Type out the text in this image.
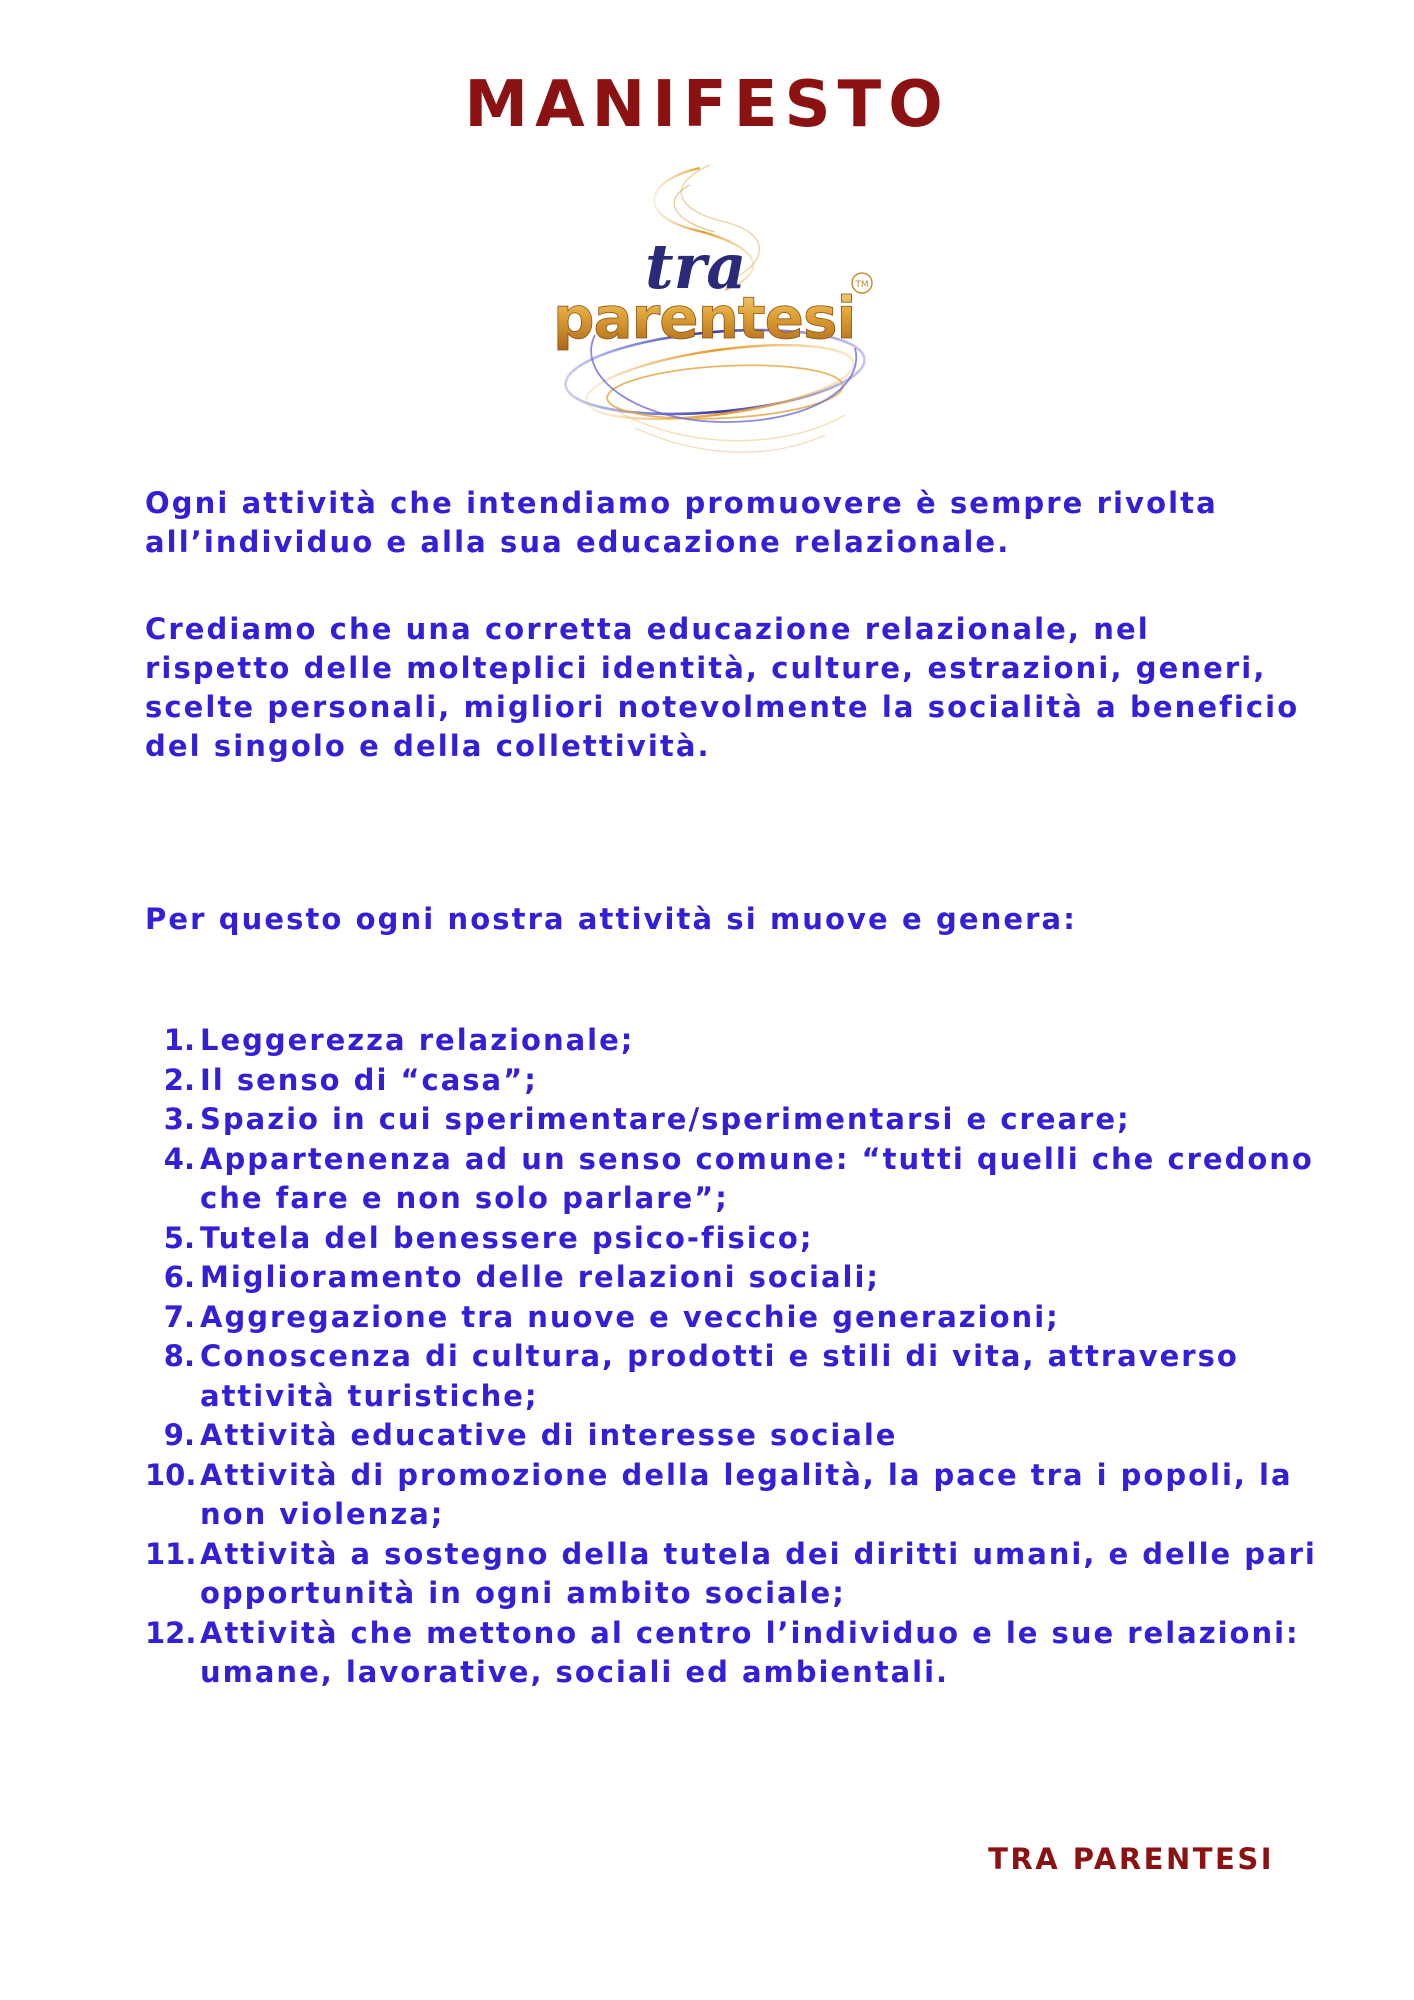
MANIFESTO
tra
parentesi TM

Ogni attività che intendiamo promuovere è sempre rivolta all’individuo e alla sua educazione relazionale.

Crediamo che una corretta educazione relazionale, nel rispetto delle molteplici identità, culture, estrazioni, generi, scelte personali, migliori notevolmente la socialità a beneficio del singolo e della collettività.

Per questo ogni nostra attività si muove e genera:

1. Leggerezza relazionale;
2. Il senso di “casa”;
3. Spazio in cui sperimentare/sperimentarsi e creare;
4. Appartenenza ad un senso comune: “tutti quelli che credono che fare e non solo parlare”;
5. Tutela del benessere psico-fisico;
6. Miglioramento delle relazioni sociali;
7. Aggregazione tra nuove e vecchie generazioni;
8. Conoscenza di cultura, prodotti e stili di vita, attraverso attività turistiche;
9. Attività educative di interesse sociale
10. Attività di promozione della legalità, la pace tra i popoli, la non violenza;
11. Attività a sostegno della tutela dei diritti umani, e delle pari opportunità in ogni ambito sociale;
12. Attività che mettono al centro l’individuo e le sue relazioni: umane, lavorative, sociali ed ambientali.

TRA PARENTESI
